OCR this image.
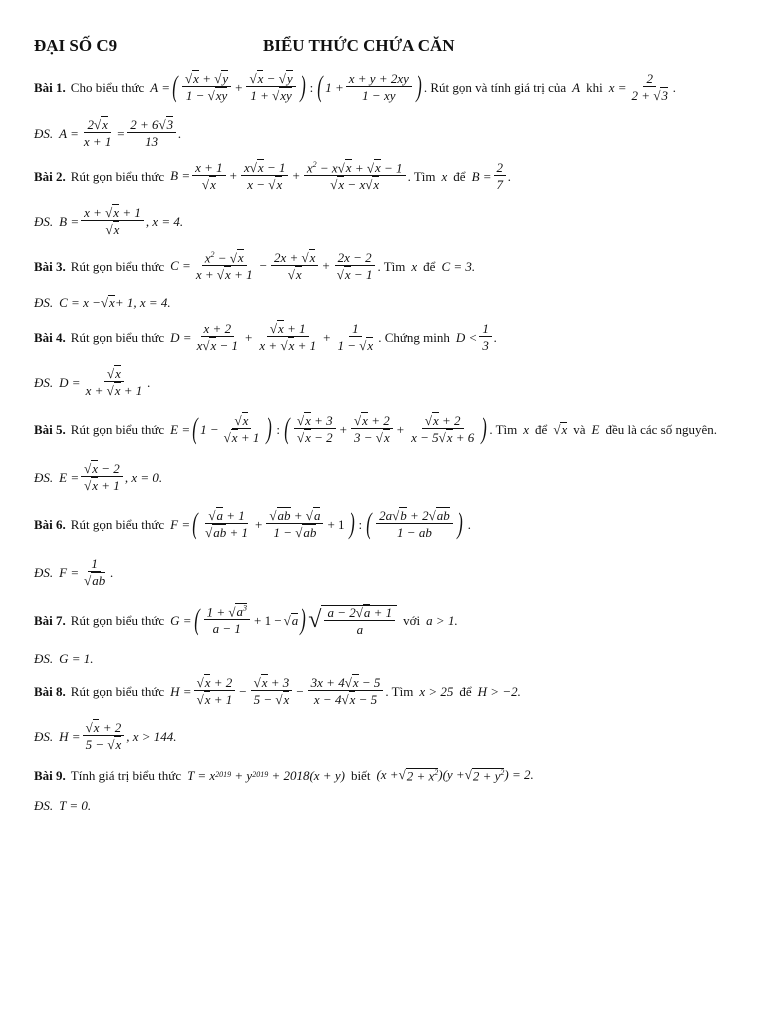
ĐẠI SỐ C9	BIỂU THỨC CHỨA CĂN
Bài 1. Cho biểu thức A = ( √x + √y
1 − √xy
+ $\frac{√x - √y}{1 + √xy}$ ) : ( $1 + \frac{x + y + 2xy}{1 - xy}$ ) . Rút gọn và tính giá trị của A khi x =
2
2 + √3
.
ĐS. A =
2√x
x + 1
=
2 + 6√3
13
.
Bài 2. Rút gọn biểu thức B =
x + 1
√x
+ $\frac{x√x - 1}{x - √x} + \frac{x^2 - x√x + √x - 1}{√x - x√x}$ . Tìm x để B =
2
7
.
ĐS. B =
x + √x + 1
√x
, x = 4.
Bài 3. Rút gọn biểu thức C =
$x^2 - √x$
x + √x + 1
− $\frac{2x + √x}{√x} + \frac{2x - 2}{√x - 1}$ . Tìm x để C = 3.
ĐS. C = x − √ x + 1, x = 4.
Bài 4. Rút gọn biểu thức D =
x + 2
x√x − 1
+ $\frac{√x + 1}{x + √x + 1} + \frac{1}{1 - √x}$ . Chứng minh D <
1
3
.
ĐS. D =
√x
x + √x + 1
.
Bài 5. Rút gọn biểu thức E = ( 1 −
√x
√x + 1 ) : ( √x + 3
√x − 2
+ $\frac{√x + 2}{3 - √x} + \frac{√x + 2}{x - 5√x + 6}$ ) . Tìm x để √ x và E đều là các số nguyên.
ĐS. E =
√x − 2
√x + 1
, x = 0.
Bài 6. Rút gọn biểu thức F = ( √a + 1
√ab + 1
+ $\frac{√ab + √a}{1 - √ab} + 1$ ) : ( 2a√b + 2√ab
1 − ab ) .
ĐS. F =
1
√ab
.
Bài 7. Rút gọn biểu thức G = ( $1 + √a^3$
a − 1
+ 1 − √ a ) √ $\frac{a - 2√a + 1}{a}$ với a > 1.
ĐS. G = 1.
Bài 8. Rút gọn biểu thức H =
√x + 2
√x + 1
− $\frac{√x + 3}{5 - √x} - \frac{3x + 4√x - 5}{x - 4√x - 5}$ . Tìm x > 25 để H > −2.
ĐS. H =
√x + 2
5 − √x
, x > 144.
Bài 9. Tính giá trị biểu thức T = x 2019 + y 2019 + 2018(x + y) biết (x + √ $2 + x^2$ )(y + √ $2 + y^2$ ) = 2.
ĐS. T = 0.
